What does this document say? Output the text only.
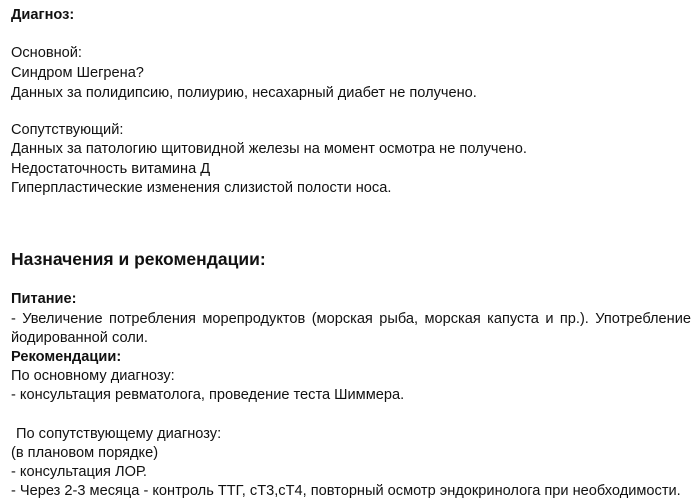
Диагноз:
Основной:
Синдром Шегрена?
Данных за полидипсию, полиурию, несахарный диабет не получено.
Сопутствующий:
Данных за патологию щитовидной железы на момент осмотра не получено.
Недостаточность витамина Д
Гиперпластические изменения слизистой полости носа.
Назначения и рекомендации:
Питание:
- Увеличение потребления морепродуктов (морская рыба, морская капуста и пр.). Употребление
йодированной соли.
Рекомендации:
По основному диагнозу:
- консультация ревматолога, проведение теста Шиммера.
По сопутствующему диагнозу:
(в плановом порядке)
- консультация ЛОР.
- Через 2-3 месяца - контроль ТТГ, сТ3,сТ4, повторный осмотр эндокринолога при необходимости.
